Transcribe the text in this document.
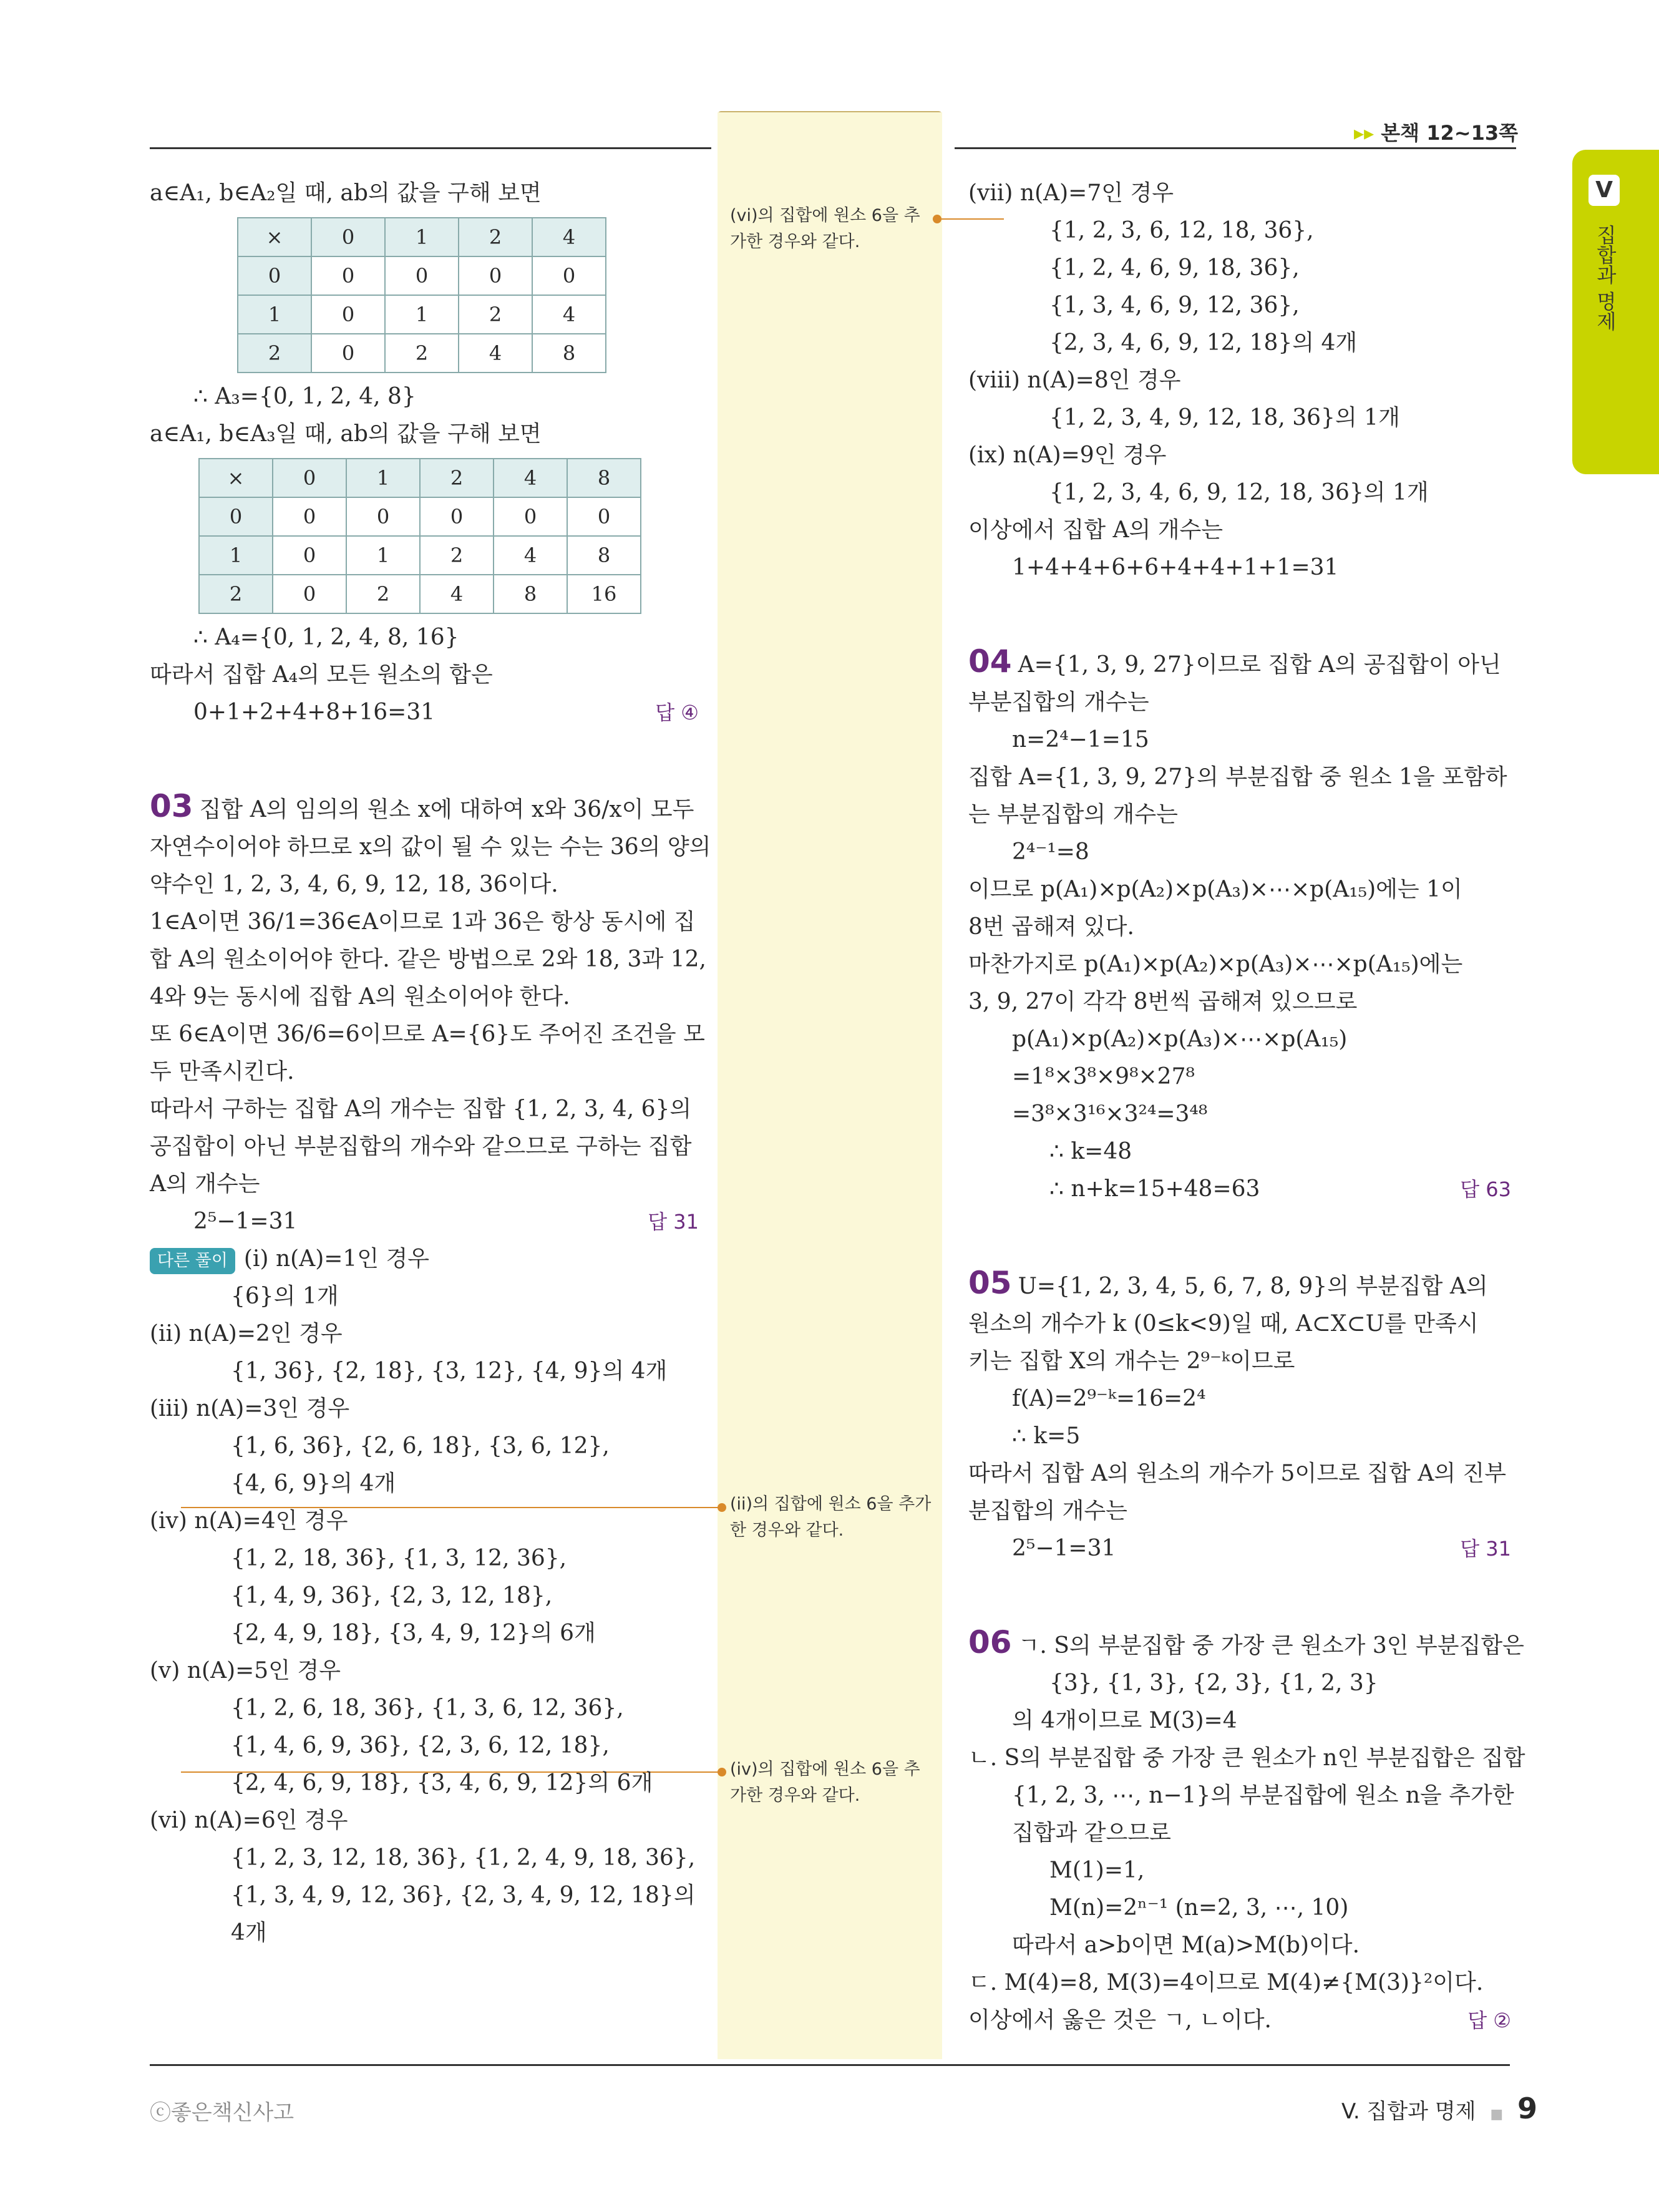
▸▸ 본책 12~13쪽
V
집합과 명제
(vi)의 집합에 원소 6을 추가한 경우와 같다.
(ii)의 집합에 원소 6을 추가한 경우와 같다.
(iv)의 집합에 원소 6을 추가한 경우와 같다.
a∈A₁, b∈A₂일 때, ab의 값을 구해 보면
×	0	1	2	4
0	0	0	0	0
1	0	1	2	4
2	0	2	4	8
∴ A₃={0, 1, 2, 4, 8}
a∈A₁, b∈A₃일 때, ab의 값을 구해 보면
×	0	1	2	4	8
0	0	0	0	0	0
1	0	1	2	4	8
2	0	2	4	8	16
∴ A₄={0, 1, 2, 4, 8, 16}
따라서 집합 A₄의 모든 원소의 합은
0+1+2+4+8+16=31	답 ④
03 집합 A의 임의의 원소 x에 대하여 x와 36/x이 모두
자연수이어야 하므로 x의 값이 될 수 있는 수는 36의 양의
약수인 1, 2, 3, 4, 6, 9, 12, 18, 36이다.
1∈A이면 36/1=36∈A이므로 1과 36은 항상 동시에 집
합 A의 원소이어야 한다. 같은 방법으로 2와 18, 3과 12,
4와 9는 동시에 집합 A의 원소이어야 한다.
또 6∈A이면 36/6=6이므로 A={6}도 주어진 조건을 모
두 만족시킨다.
따라서 구하는 집합 A의 개수는 집합 {1, 2, 3, 4, 6}의
공집합이 아닌 부분집합의 개수와 같으므로 구하는 집합
A의 개수는
2⁵−1=31	답 31
다른 풀이 (i) n(A)=1인 경우
{6}의 1개
(ii) n(A)=2인 경우
{1, 36}, {2, 18}, {3, 12}, {4, 9}의 4개
(iii) n(A)=3인 경우
{1, 6, 36}, {2, 6, 18}, {3, 6, 12},
{4, 6, 9}의 4개
(iv) n(A)=4인 경우
{1, 2, 18, 36}, {1, 3, 12, 36},
{1, 4, 9, 36}, {2, 3, 12, 18},
{2, 4, 9, 18}, {3, 4, 9, 12}의 6개
(v) n(A)=5인 경우
{1, 2, 6, 18, 36}, {1, 3, 6, 12, 36},
{1, 4, 6, 9, 36}, {2, 3, 6, 12, 18},
{2, 4, 6, 9, 18}, {3, 4, 6, 9, 12}의 6개
(vi) n(A)=6인 경우
{1, 2, 3, 12, 18, 36}, {1, 2, 4, 9, 18, 36},
{1, 3, 4, 9, 12, 36}, {2, 3, 4, 9, 12, 18}의
4개
(vii) n(A)=7인 경우
{1, 2, 3, 6, 12, 18, 36},
{1, 2, 4, 6, 9, 18, 36},
{1, 3, 4, 6, 9, 12, 36},
{2, 3, 4, 6, 9, 12, 18}의 4개
(viii) n(A)=8인 경우
{1, 2, 3, 4, 9, 12, 18, 36}의 1개
(ix) n(A)=9인 경우
{1, 2, 3, 4, 6, 9, 12, 18, 36}의 1개
이상에서 집합 A의 개수는
1+4+4+6+6+4+4+1+1=31
04 A={1, 3, 9, 27}이므로 집합 A의 공집합이 아닌
부분집합의 개수는
n=2⁴−1=15
집합 A={1, 3, 9, 27}의 부분집합 중 원소 1을 포함하
는 부분집합의 개수는
2⁴⁻¹=8
이므로 p(A₁)×p(A₂)×p(A₃)×⋯×p(A₁₅)에는 1이
8번 곱해져 있다.
마찬가지로 p(A₁)×p(A₂)×p(A₃)×⋯×p(A₁₅)에는
3, 9, 27이 각각 8번씩 곱해져 있으므로
p(A₁)×p(A₂)×p(A₃)×⋯×p(A₁₅)
=1⁸×3⁸×9⁸×27⁸
=3⁸×3¹⁶×3²⁴=3⁴⁸
∴ k=48
∴ n+k=15+48=63	답 63
05 U={1, 2, 3, 4, 5, 6, 7, 8, 9}의 부분집합 A의
원소의 개수가 k (0≤k<9)일 때, A⊂X⊂U를 만족시
키는 집합 X의 개수는 2⁹⁻ᵏ이므로
f(A)=2⁹⁻ᵏ=16=2⁴
∴ k=5
따라서 집합 A의 원소의 개수가 5이므로 집합 A의 진부
분집합의 개수는
2⁵−1=31	답 31
06 ㄱ. S의 부분집합 중 가장 큰 원소가 3인 부분집합은
{3}, {1, 3}, {2, 3}, {1, 2, 3}
의 4개이므로 M(3)=4
ㄴ. S의 부분집합 중 가장 큰 원소가 n인 부분집합은 집합
{1, 2, 3, ⋯, n−1}의 부분집합에 원소 n을 추가한
집합과 같으므로
M(1)=1,
M(n)=2ⁿ⁻¹ (n=2, 3, ⋯, 10)
따라서 a>b이면 M(a)>M(b)이다.
ㄷ. M(4)=8, M(3)=4이므로 M(4)≠{M(3)}²이다.
이상에서 옳은 것은 ㄱ, ㄴ이다.	답 ②
ⓒ좋은책신사고	V. 집합과 명제 ■ 9
